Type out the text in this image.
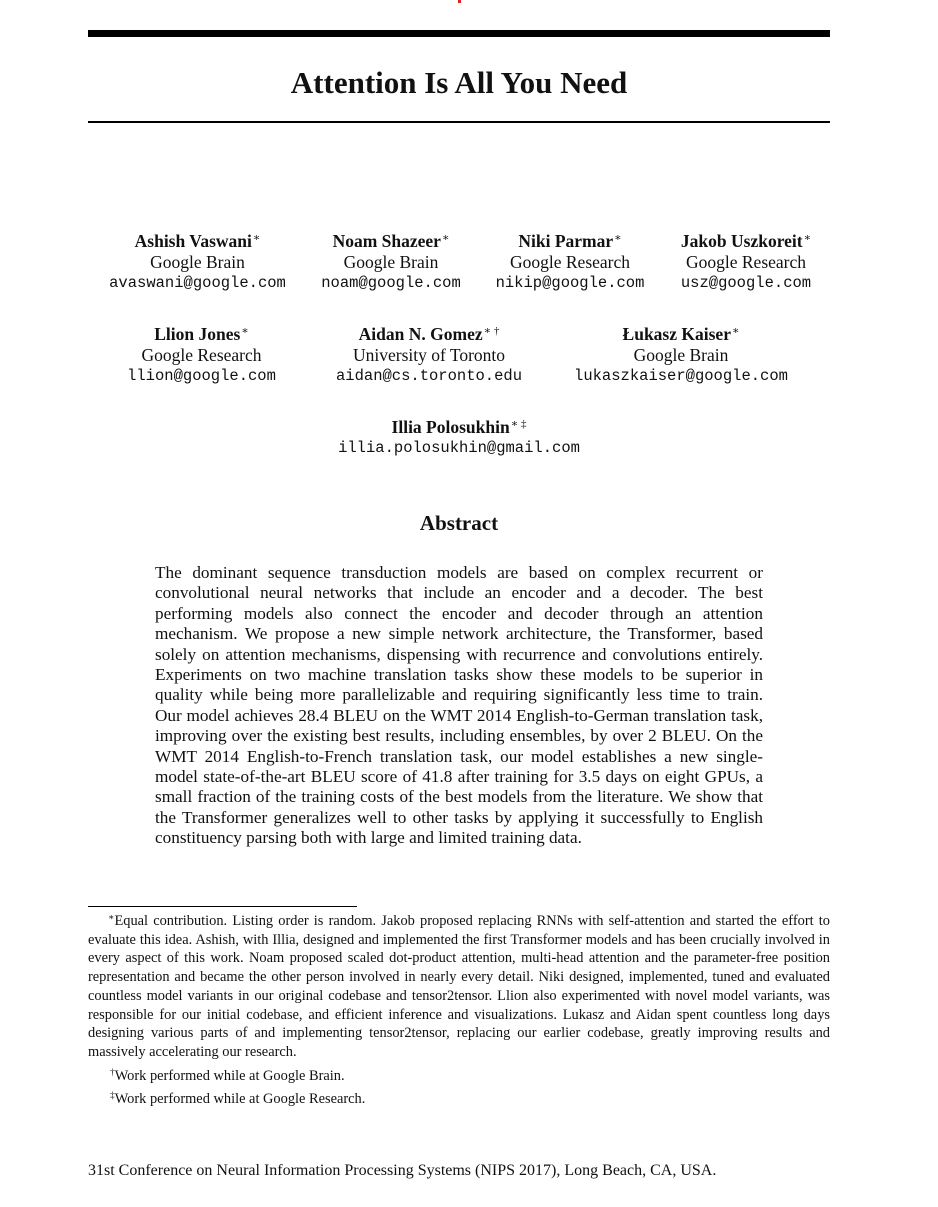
Attention Is All You Need
Ashish Vaswani∗
Google Brain
avaswani@google.com
Noam Shazeer∗
Google Brain
noam@google.com
Niki Parmar∗
Google Research
nikip@google.com
Jakob Uszkoreit∗
Google Research
usz@google.com
Llion Jones∗
Google Research
llion@google.com
Aidan N. Gomez∗ †
University of Toronto
aidan@cs.toronto.edu
Łukasz Kaiser∗
Google Brain
lukaszkaiser@google.com
Illia Polosukhin∗ ‡
illia.polosukhin@gmail.com
Abstract
The dominant sequence transduction models are based on complex recurrent or convolutional neural networks that include an encoder and a decoder. The best performing models also connect the encoder and decoder through an attention mechanism. We propose a new simple network architecture, the Transformer, based solely on attention mechanisms, dispensing with recurrence and convolutions entirely. Experiments on two machine translation tasks show these models to be superior in quality while being more parallelizable and requiring significantly less time to train. Our model achieves 28.4 BLEU on the WMT 2014 English-to-German translation task, improving over the existing best results, including ensembles, by over 2 BLEU. On the WMT 2014 English-to-French translation task, our model establishes a new single-model state-of-the-art BLEU score of 41.8 after training for 3.5 days on eight GPUs, a small fraction of the training costs of the best models from the literature. We show that the Transformer generalizes well to other tasks by applying it successfully to English constituency parsing both with large and limited training data.

∗Equal contribution. Listing order is random. Jakob proposed replacing RNNs with self-attention and started the effort to evaluate this idea. Ashish, with Illia, designed and implemented the first Transformer models and has been crucially involved in every aspect of this work. Noam proposed scaled dot-product attention, multi-head attention and the parameter-free position representation and became the other person involved in nearly every detail. Niki designed, implemented, tuned and evaluated countless model variants in our original codebase and tensor2tensor. Llion also experimented with novel model variants, was responsible for our initial codebase, and efficient inference and visualizations. Lukasz and Aidan spent countless long days designing various parts of and implementing tensor2tensor, replacing our earlier codebase, greatly improving results and massively accelerating our research.

†Work performed while at Google Brain.

‡Work performed while at Google Research.

31st Conference on Neural Information Processing Systems (NIPS 2017), Long Beach, CA, USA.
